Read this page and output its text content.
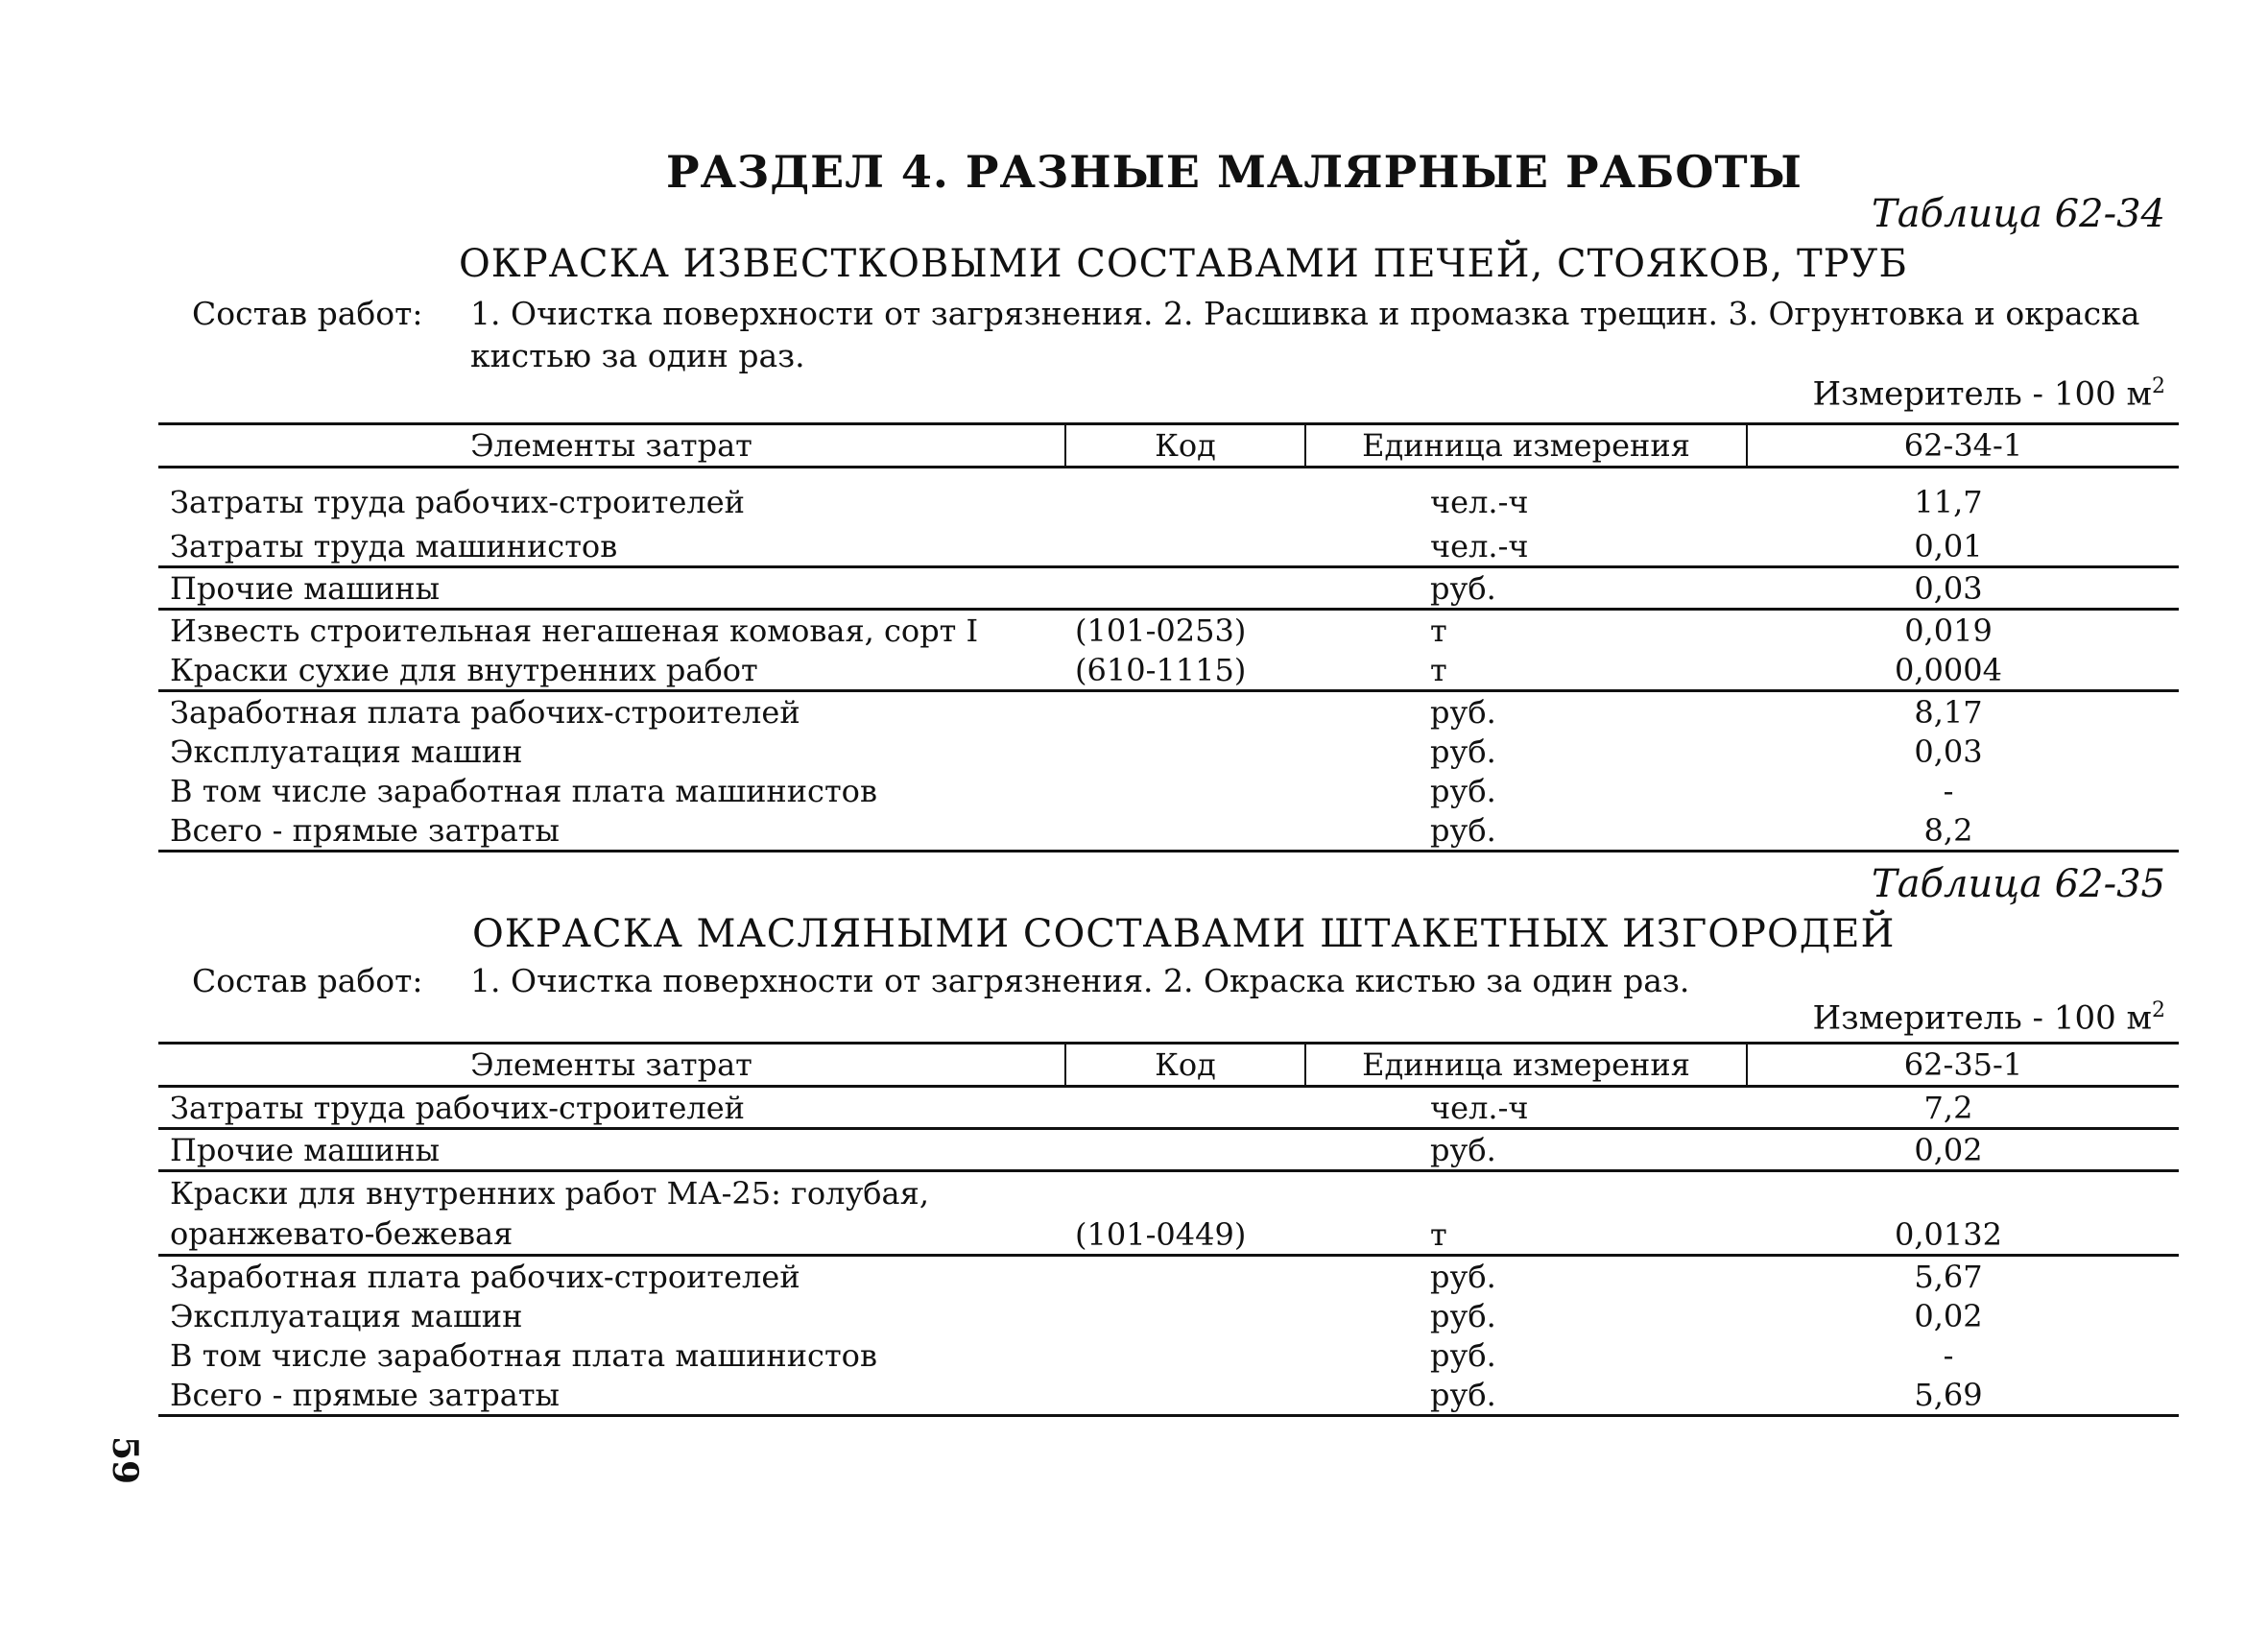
РАЗДЕЛ 4. РАЗНЫЕ МАЛЯРНЫЕ РАБОТЫ
Таблица 62-34
ОКРАСКА ИЗВЕСТКОВЫМИ СОСТАВАМИ ПЕЧЕЙ, СТОЯКОВ, ТРУБ
Состав работ: 1. Очистка поверхности от загрязнения. 2. Расшивка и промазка трещин. 3. Огрунтовка и окраска кистью за один раз.
Измеритель - 100 $м^2$
Элементы затрат	Код	Единица измерения	62-34-1
Затраты труда рабочих-строителей		чел.-ч	11,7
Затраты труда машинистов		чел.-ч	0,01
Прочие машины		руб.	0,03
Известь строительная негашеная комовая, сорт I	(101-0253)	т	0,019
Краски сухие для внутренних работ	(610-1115)	т	0,0004
Заработная плата рабочих-строителей		руб.	8,17
Эксплуатация машин		руб.	0,03
В том числе заработная плата машинистов		руб.	-
Всего - прямые затраты		руб.	8,2
Таблица 62-35
ОКРАСКА МАСЛЯНЫМИ СОСТАВАМИ ШТАКЕТНЫХ ИЗГОРОДЕЙ
Состав работ: 1. Очистка поверхности от загрязнения. 2. Окраска кистью за один раз.
Измеритель - 100 $м^2$
Элементы затрат	Код	Единица измерения	62-35-1
Затраты труда рабочих-строителей		чел.-ч	7,2
Прочие машины		руб.	0,02

Краски для внутренних работ МА-25: голубая,
оранжевато-бежевая	(101-0449)	т	0,0132
Заработная плата рабочих-строителей		руб.	5,67
Эксплуатация машин		руб.	0,02
В том числе заработная плата машинистов		руб.	-
Всего - прямые затраты		руб.	5,69
59
